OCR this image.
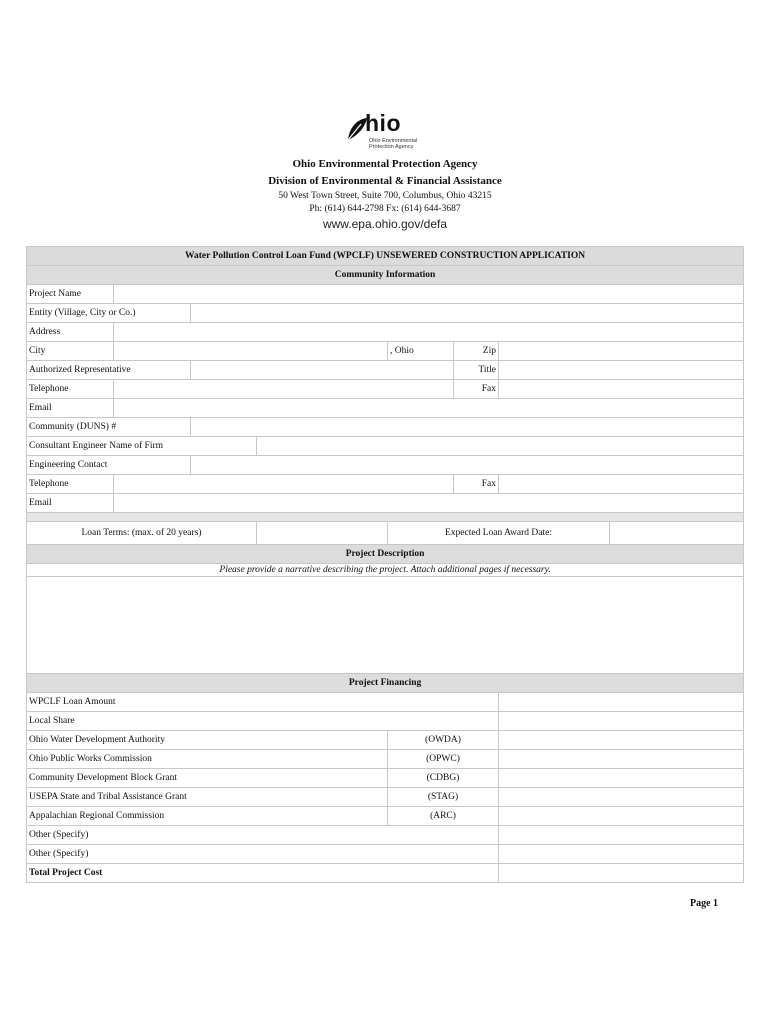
hio
Ohio Environmental
Protection Agency
Ohio Environmental Protection Agency
Division of Environmental & Financial Assistance
50 West Town Street, Suite 700, Columbus, Ohio 43215
Ph: (614) 644-2798 Fx: (614) 644-3687
www.epa.ohio.gov/defa
Water Pollution Control Loan Fund (WPCLF) UNSEWERED CONSTRUCTION APPLICATION							
Community Information							
Project Name							
Entity (Village, City or Co.)							
Address							
City				, Ohio	Zip		
Authorized Representative					Title		
Telephone					Fax		
Email							
Community (DUNS) #							
Consultant Engineer Name of Firm							
Engineering Contact							
Telephone					Fax		
Email							

Loan Terms: (max. of 20 years)				Expected Loan Award Date:			
Project Description							
Please provide a narrative describing the project. Attach additional pages if necessary.							

Project Financing							
WPCLF Loan Amount							
Local Share							
Ohio Water Development Authority				(OWDA)			
Ohio Public Works Commission				(OPWC)			
Community Development Block Grant				(CDBG)			
USEPA State and Tribal Assistance Grant				(STAG)			
Appalachian Regional Commission				(ARC)			
Other (Specify)							
Other (Specify)							
Total Project Cost							
Page 1
